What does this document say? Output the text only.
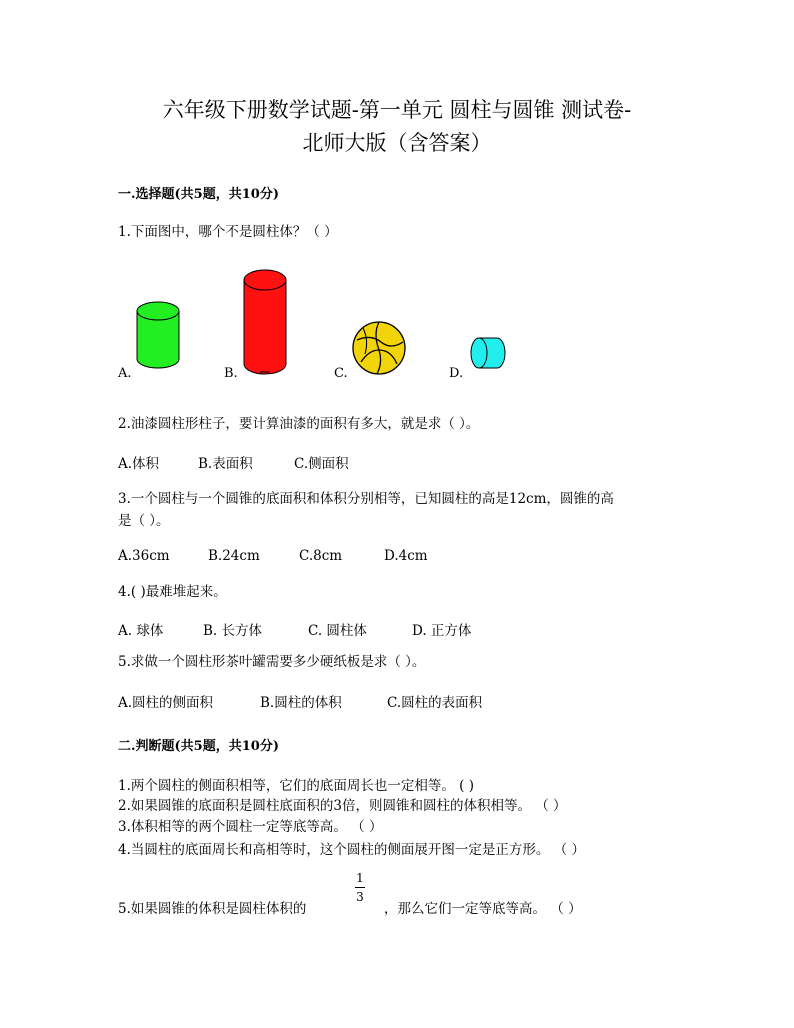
六年级下册数学试题-第一单元 圆柱与圆锥 测试卷-
北师大版（含答案）
一.选择题(共5题，共10分)
1.下面图中，哪个不是圆柱体？（ ）
A.	B.	C.	D.
2.油漆圆柱形柱子，要计算油漆的面积有多大，就是求（ ）。
A.体积	B.表面积	C.侧面积
3.一个圆柱与一个圆锥的底面积和体积分别相等，已知圆柱的高是12cm，圆锥的高
是（ ）。
A.36cm	B.24cm	C.8cm	D.4cm
4.( )最难堆起来。
A. 球体	B. 长方体	C. 圆柱体	D. 正方体
5.求做一个圆柱形茶叶罐需要多少硬纸板是求（ ）。
A.圆柱的侧面积	B.圆柱的体积	C.圆柱的表面积
二.判断题(共5题，共10分)
1.两个圆柱的侧面积相等，它们的底面周长也一定相等。 ( )
2.如果圆锥的底面积是圆柱底面积的3倍，则圆锥和圆柱的体积相等。 （ ）
3.体积相等的两个圆柱一定等底等高。 （ ）
4.当圆柱的底面周长和高相等时，这个圆柱的侧面展开图一定是正方形。 （ ）
5.如果圆锥的体积是圆柱体积的
1
3
，那么它们一定等底等高。 （ ）
